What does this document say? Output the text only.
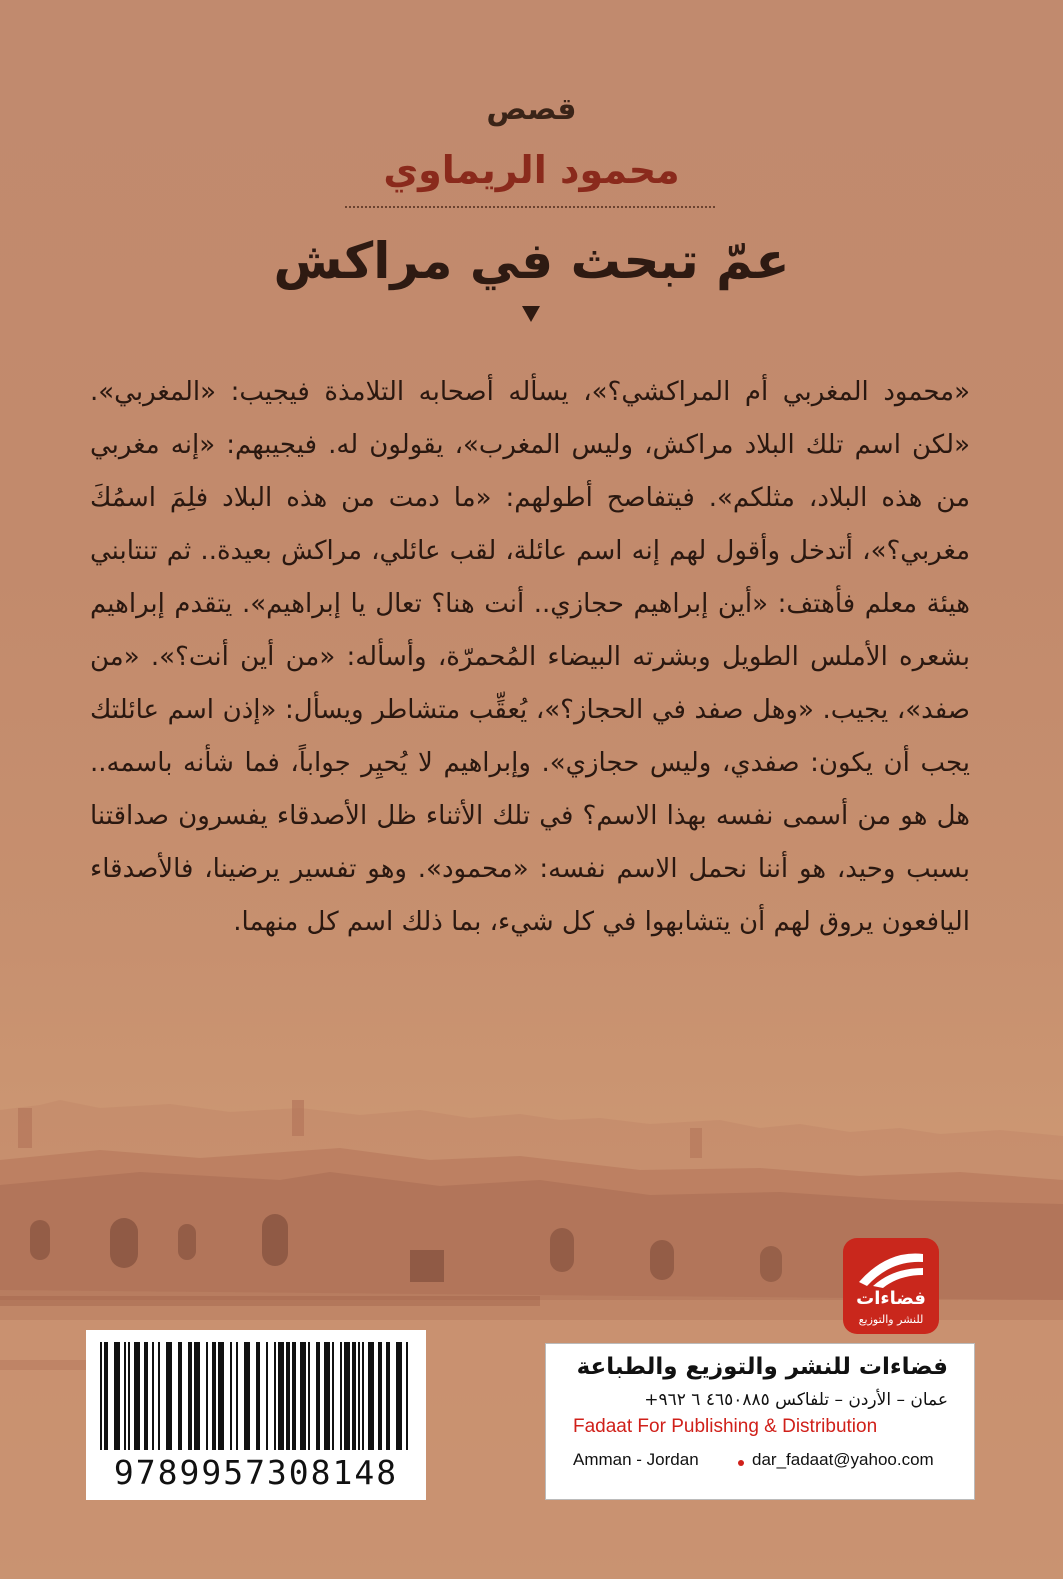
قصص
محمود الريماوي
عمّ تبحث في مراكش
«محمود المغربي أم المراكشي؟»، يسأله أصحابه التلامذة فيجيب: «المغربي». «لكن اسم تلك البلاد مراكش، وليس المغرب»، يقولون له. فيجيبهم: «إنه مغربي من هذه البلاد، مثلكم». فيتفاصح أطولهم: «ما دمت من هذه البلاد فلِمَ اسمُكَ مغربي؟»، أتدخل وأقول لهم إنه اسم عائلة، لقب عائلي، مراكش بعيدة.. ثم تنتابني هيئة معلم فأهتف: «أين إبراهيم حجازي.. أنت هنا؟ تعال يا إبراهيم». يتقدم إبراهيم بشعره الأملس الطويل وبشرته البيضاء المُحمرّة، وأسأله: «من أين أنت؟». «من صفد»، يجيب. «وهل صفد في الحجاز؟»، يُعقِّب متشاطر ويسأل: «إذن اسم عائلتك يجب أن يكون: صفدي، وليس حجازي». وإبراهيم لا يُحيِر جواباً، فما شأنه باسمه.. هل هو من أسمى نفسه بهذا الاسم؟ في تلك الأثناء ظل الأصدقاء يفسرون صداقتنا بسبب وحيد، هو أننا نحمل الاسم نفسه: «محمود». وهو تفسير يرضينا، فالأصدقاء اليافعون يروق لهم أن يتشابهوا في كل شيء، بما ذلك اسم كل منهما.
فضاءات
للنشر والتوزيع
فضاءات للنشر والتوزيع والطباعة
عمان – الأردن – تلفاكس ٤٦٥٠٨٨٥ ٦ ٩٦٢+
Fadaat For Publishing & Distribution
Amman - Jordan	dar_fadaat@yahoo.com
9789957308148
